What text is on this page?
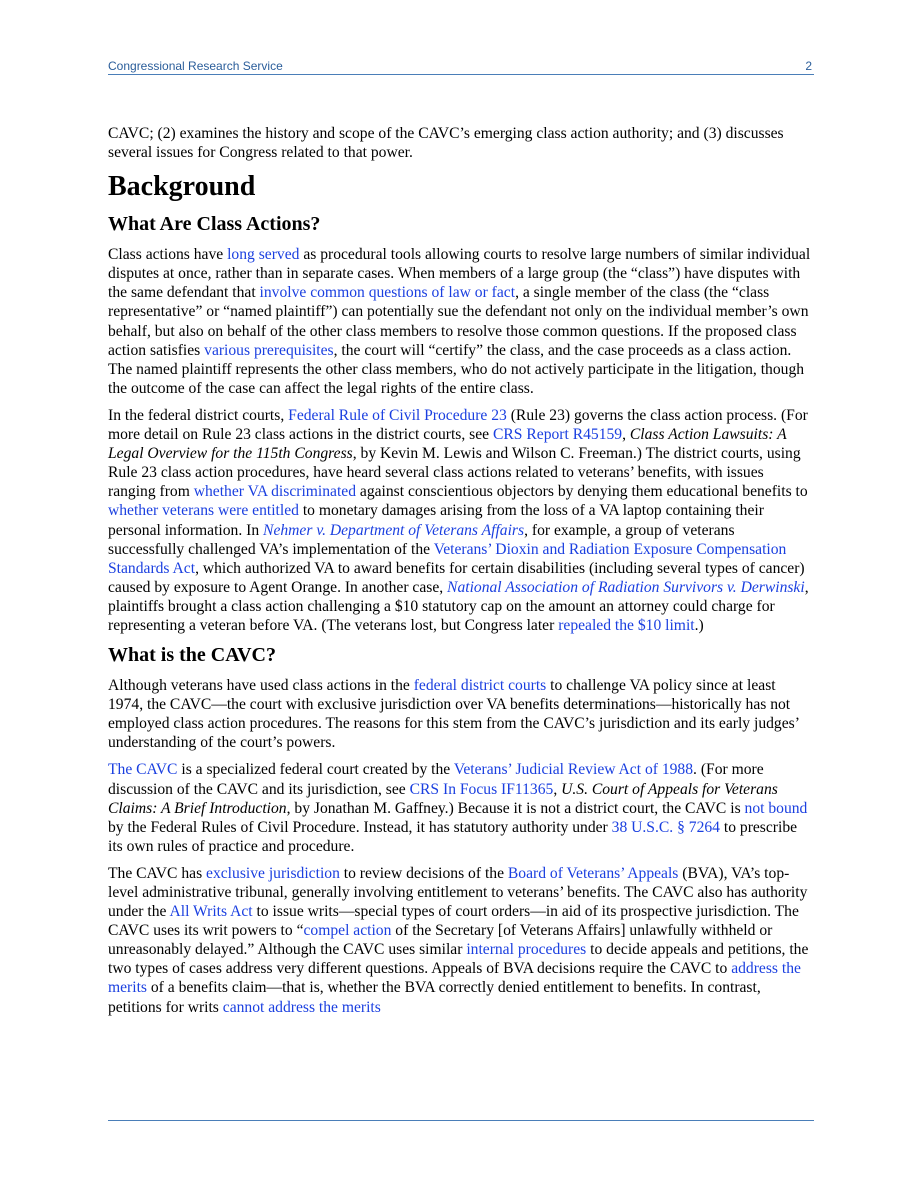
Congressional Research Service	2

CAVC; (2) examines the history and scope of the CAVC’s emerging class action authority; and (3) discusses several issues for Congress related to that power.

Background
What Are Class Actions?

Class actions have long served as procedural tools allowing courts to resolve large numbers of similar individual disputes at once, rather than in separate cases. When members of a large group (the “class”) have disputes with the same defendant that involve common questions of law or fact, a single member of the class (the “class representative” or “named plaintiff”) can potentially sue the defendant not only on the individual member’s own behalf, but also on behalf of the other class members to resolve those common questions. If the proposed class action satisfies various prerequisites, the court will “certify” the class, and the case proceeds as a class action. The named plaintiff represents the other class members, who do not actively participate in the litigation, though the outcome of the case can affect the legal rights of the entire class.

In the federal district courts, Federal Rule of Civil Procedure 23 (Rule 23) governs the class action process. (For more detail on Rule 23 class actions in the district courts, see CRS Report R45159, Class Action Lawsuits: A Legal Overview for the 115th Congress, by Kevin M. Lewis and Wilson C. Freeman.) The district courts, using Rule 23 class action procedures, have heard several class actions related to veterans’ benefits, with issues ranging from whether VA discriminated against conscientious objectors by denying them educational benefits to whether veterans were entitled to monetary damages arising from the loss of a VA laptop containing their personal information. In Nehmer v. Department of Veterans Affairs, for example, a group of veterans successfully challenged VA’s implementation of the Veterans’ Dioxin and Radiation Exposure Compensation Standards Act, which authorized VA to award benefits for certain disabilities (including several types of cancer) caused by exposure to Agent Orange. In another case, National Association of Radiation Survivors v. Derwinski, plaintiffs brought a class action challenging a $10 statutory cap on the amount an attorney could charge for representing a veteran before VA. (The veterans lost, but Congress later repealed the $10 limit.)

What is the CAVC?

Although veterans have used class actions in the federal district courts to challenge VA policy since at least 1974, the CAVC—the court with exclusive jurisdiction over VA benefits determinations—historically has not employed class action procedures. The reasons for this stem from the CAVC’s jurisdiction and its early judges’ understanding of the court’s powers.

The CAVC is a specialized federal court created by the Veterans’ Judicial Review Act of 1988. (For more discussion of the CAVC and its jurisdiction, see CRS In Focus IF11365, U.S. Court of Appeals for Veterans Claims: A Brief Introduction, by Jonathan M. Gaffney.) Because it is not a district court, the CAVC is not bound by the Federal Rules of Civil Procedure. Instead, it has statutory authority under 38 U.S.C. § 7264 to prescribe its own rules of practice and procedure.

The CAVC has exclusive jurisdiction to review decisions of the Board of Veterans’ Appeals (BVA), VA’s top-level administrative tribunal, generally involving entitlement to veterans’ benefits. The CAVC also has authority under the All Writs Act to issue writs—special types of court orders—in aid of its prospective jurisdiction. The CAVC uses its writ powers to “compel action of the Secretary [of Veterans Affairs] unlawfully withheld or unreasonably delayed.” Although the CAVC uses similar internal procedures to decide appeals and petitions, the two types of cases address very different questions. Appeals of BVA decisions require the CAVC to address the merits of a benefits claim—that is, whether the BVA correctly denied entitlement to benefits. In contrast, petitions for writs cannot address the merits
